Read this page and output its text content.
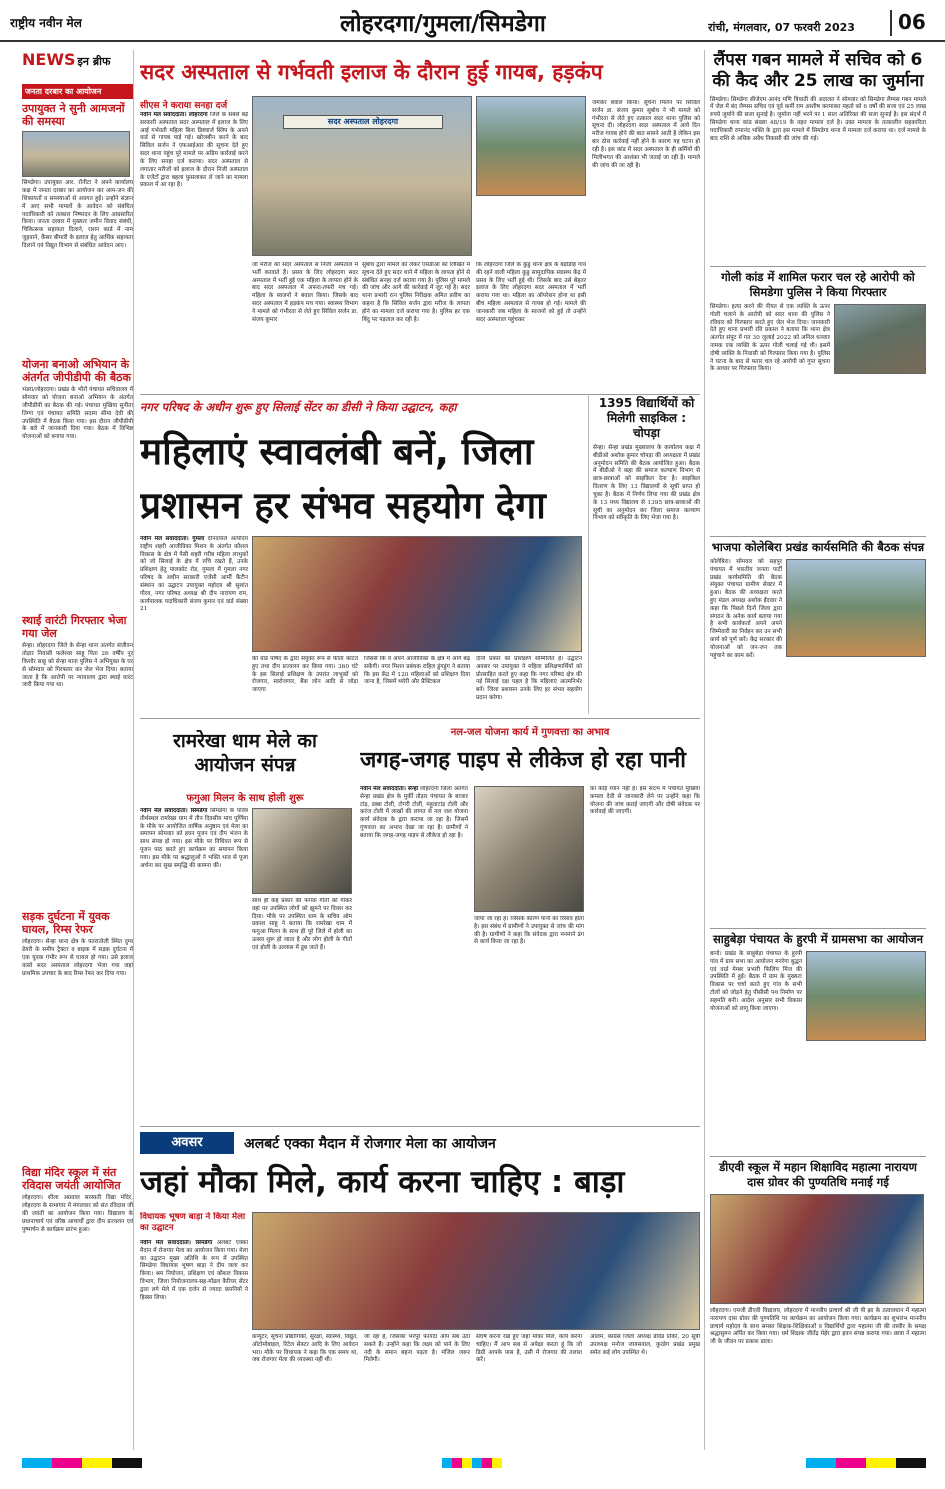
राष्ट्रीय नवीन मेल	लोहरदगा/गुमला/सिमडेगा	रांची, मंगलवार, 07 फरवरी 2023	06
NEWS इन ब्रीफ
जनता दरबार का आयोजन
उपायुक्त ने सुनी आमजनों की समस्या
सिमडेगा। उपायुक्त आर. रॉनीटा ने अपने कार्यालय कक्ष में जनता दरबार का आयोजन कर आम-जन की शिकायतों व समस्याओं से अवगत हुईं। उन्होंने संज्ञान में आए सभी मामलों के आवेदन को संबंधित पदाधिकारी को तत्काल निष्पादन के लिए आग्रसारित किया। जनता दरबार में मुख्यतः जमीन विवाद संबंधी, चिकित्सक सहायता दिलाने, राशन कार्ड में नाम जुड़वाने, कैंसर बीमारी के इलाज हेतु आर्थिक सहायता दिलाने एवं विद्युत विभाग से संबंधित आवेदन आए।
योजना बनाओ अभियान के अंतर्गत जीपीडीपी की बैठक
भंडरा/लोहरदगा। प्रखंड के भौरों पंचायत सचिवालय में सोमवार को योजना बनाओ अभियान के अंतर्गत जीपीडीपी का बैठक की गई। पंचायत मुखिया सुनीता तिग्गा एवं पंचायत समिति सदस्य सीमा देवी की उपस्थिति में बैठक किया गया। इस दौरान जीपीडीपी के बारे में जानकारी दिया गया। बैठक में विभिन्न योजनाओं को बनाया गया।
स्थाई वारंटी गिरफ्तार भेजा गया जेल
सेन्हा। लोहरदगा जिले के सेन्हा थाना अंतर्गत संजीवन तोड़ार निवासी फलेश्वर साहू पिता 26 वर्षीय नूर किशोर साहू को सेन्हा थाना पुलिस ने अभियुक्त के घर से सोमवार को गिरफ्तार कर जेल भेज दिया। बताया जाता है कि आरोपी पर न्यायालय द्वारा स्थाई वारंट जारी किया गया था।
सड़क दुर्घटना में युवक घायल, रिम्स रेफर
लोहरदगा। सेन्हा थाना क्षेत्र के पतरातोली स्थित दुग्ध डेयरी के समीप ट्रैक्टर व बाइक में सड़क दुर्घटना में एक युवक गंभीर रूप से घायल हो गया। उसे इलाज वास्ते सदर अस्पताल लोहरदगा भेजा गया जहां प्राथमिक उपचार के बाद रिम्स रेफर कर दिया गया।
विद्या मंदिर स्कूल में संत रविदास जयंती आयोजित
लोहरदगा। शीला अग्रवाल सरस्वती विद्या मंदिर, लोहरदगा के सभागार में मंगलवार को संत रविदास जी की जयंती का आयोजन किया गया। विद्यालय के प्रधानाचार्य एवं वरिष्ठ आचार्यों द्वारा दीप प्रज्वलन एवं पुष्पार्चन से कार्यक्रम प्रारंभ हुआ।
सदर अस्पताल से गर्भवती इलाज के दौरान हुई गायब, हड़कंप
सीएस ने कराया सनहा दर्ज
नवीन मेल संवाददाता। लोहरदगा जिले के सबसे बड़े सरकारी अस्पताल सदर अस्पताल में इलाज के लिए आई गर्भवती महिला बिना डिस्चार्ज स्लिप के अपने वार्ड से गायब पाई गई। खोजबीन करने के बाद सिविल सर्जन ने एफआईआर की सूचना देते हुए सदर थाना पहुंच पूरे मामले पर अग्रिम कार्रवाई करने के लिए सनहा दर्ज कराया। सदर अस्पताल से लगातार मरीजों को इलाज के दौरान निजी अस्पताल के एजेंटों द्वारा बहला फुसलाकर ले जाने का मामला प्रकाश में आ रहा है।
सदर अस्पताल लोहरदगा
जो मरीज को सदर अस्पताल से निजी अस्पताल में भर्ती करवाते हैं। प्रसव के लिए लोहरदगा सदर अस्पताल में भर्ती हुई एक महिला के लापता होने के बाद सदर अस्पताल में अफरा-तफरी मच गई। महिला के स्वजनों ने बवाल किया। जिसके बाद सदर अस्पताल में हड़कंप मच गया। स्वास्थ्य विभाग ने मामले को गंभीरता से लेते हुए सिविल सर्जन डा. संजय कुमार
सुबोध द्वारा मामले को लेकर एसडीओ को लिखित में सूचना देते हुए सदर थाने में महिला के लापता होने से संबंधित सनहा दर्ज कराया गया है। पुलिस पूरे मामले की जांच और आगे की कार्रवाई में जुट गई है। सदर थाना प्रभारी रत्न पुलिस निरीक्षक अमित प्रवीण का कहना है कि सिविल सर्जन द्वारा मरीज के लापता होने का मामला दर्ज कराया गया है। पुलिस हर एक बिंदु पर पड़ताल कर रही है।
कि लोहरदगा जिले के कुडु थाना क्षेत्र के बड़ीडीह गांव की रहने वाली महिला कुडु सामुदायिक स्वास्थ्य केंद्र में प्रसव के लिए भर्ती हुई थी। जिसके बाद उसे बेहतर इलाज के लिए लोहरदगा सदर अस्पताल में भर्ती कराया गया था। महिला का ऑपरेशन होना था इसी बीच महिला अस्पताल से गायब हो गई। मामले की जानकारी जब महिला के स्वजनों को हुई तो उन्होंने सदर अस्पताल पहुंचकर
जमकर बवाल किया। सूचना मिलने पर सिविल सर्जन डा. संजय कुमार सुबोध ने भी मामले को गंभीरता से लेते हुए तत्काल सदर थाना पुलिस को सूचना दी। लोहरदगा सदर अस्पताल में आये दिन मरीज गायब होने की बात सामने आती है लेकिन इस बार ठोस कार्रवाई नहीं होने के कारण यह घटना हो रही है। इस कांड में सदर अस्पताल के ही कर्मियों की मिलीभगत की आशंका भी जताई जा रही है। मामले की जांच की जा रही है।
नगर परिषद के अधीन शुरू हुए सिलाई सेंटर का डीसी ने किया उद्घाटन, कहा
महिलाएं स्वावलंबी बनें, जिला
प्रशासन हर संभव सहयोग देगा
नवीन मेल संवाददाता। गुमला दीनदयाल अंत्योदय राष्ट्रीय शहरी आजीविका मिशन के अंतर्गत कौशल विकास के क्षेत्र में पैसी शहरी गरीब महिला लाभुकों को जो सिलाई के क्षेत्र में रुचि रखते हैं, उनके प्रशिक्षण हेतु पालकोट रोड, गुमला में गुमला नगर परिषद के अधीन सरकारी एजेंसी आर्मी कैंटीन संस्थान का उद्घाटन उपायुक्त महोदय श्री सुशांत गौरव, नगर परिषद अध्यक्ष श्री दीप नारायण राम, कार्यपालक पदाधिकारी संजय कुमार एवं वार्ड संख्या 21
की वार्ड पार्षद के द्वारा संयुक्त रूप से फीता काटते हुए तथा दीप प्रज्वलन कर किया गया। 360 घंटे के इस सिलाई प्रशिक्षण के उपरांत लाभुकों को रोजगार, स्वरोजगार, बैंक लोन आदि से जोड़ा जाएगा
जिससे कि वे अपने आजीविका के क्षेत्र में आगे बढ़ सकेंगी। नगर मिशन प्रबंधक राहिल डुंगडुंग ने बताया कि इस केंद्र में 120 महिलाओं को प्रशिक्षण दिया जाना है, जिसमें थ्योरी और प्रैक्टिकल
दोनों प्रकार का प्रशिक्षण सम्मिलित है। उद्घाटन अवसर पर उपायुक्त ने महिला प्रशिक्षणार्थियों को प्रोत्साहित करते हुए कहा कि नगर परिषद क्षेत्र की नई सिलाई दक्ष पहल है कि महिलाएं आत्मनिर्भर बनें। जिला प्रशासन उनके लिए हर संभव सहयोग प्रदान करेगा।
1395 विद्यार्थियों को मिलेगी साइकिल : चोपड़ा
सेन्हा। सेन्हा प्रखंड मुख्यालय के कार्यालय कक्ष में बीडीओ अशोक कुमार चोपड़ा की अध्यक्षता में प्रखंड अनुमोदन समिति की बैठक आयोजित हुआ। बैठक में बीडीओ ने कहा की समाज कल्याण विभाग से छात्र-छात्राओं को साइकिल देना है। साइकिल वितरण के लिए 13 विद्यालयों से सूची प्राप्त हो चुका है। बैठक में निर्णय लिया गया की प्रखंड क्षेत्र के 13 मध्य विद्यालय से 1395 छात्र-छात्राओं की सूची का अनुमोदन कर जिला समाज कल्याण विभाग को स्वीकृति के लिए भेजा गया है।
रामरेखा धाम मेले का आयोजन संपन्न
फगुआ मिलन के साथ होली शुरू
नवीन मेल संवाददाता। सिमडेगा सिमडेगा के पवित्र तीर्थस्थल रामरेखा धाम में तीन दिवसीय माघ पूर्णिमा के मौके पर आयोजित वार्षिक अनुष्ठान एवं मेला का समापन सोमवार को हवन पूजन एवं दीप भंजन के साथ संपन्न हो गया। इस मौके पर विधिवत रूप से पूजन पाठ करते हुए कार्यक्रम का समापन किया गया। इस मौके पर श्रद्धालुओं ने भक्ति भाव से पूजा अर्चना कर सुख समृद्धि की कामना की।
साथ ही कई प्रकार की फगवा गीतों को गाकर वहां पर उपस्थित लोगों को झूमने पर विवश कर दिया। मौके पर उपस्थित धाम के सचिव ओम प्रकाश साहू ने बताया कि रामरेखा धाम में फगुआ मिलन के साथ ही पूरे जिले में होली का उत्सव शुरू हो जाता है और लोग होली के गीतों एवं होली के उल्लास में डूब जाते हैं।
नल-जल योजना कार्य में गुणवत्ता का अभाव
जगह-जगह पाइप से लीकेज हो रहा पानी
नवीन मेल संवाददाता। सेन्हा लोहरदगा जिला अंतर्गत सेन्हा प्रखंड क्षेत्र के मुर्की तोड़ार पंचायत के बाजार टांड़, डब्बा टोली, टोगरी टोली, महुवाटांड़ टोली और करंज टोली में लाखों की लागत से नल जल योजना कार्य संवेदक के द्वारा कराया जा रहा है। जिसमें गुणवत्ता का अभाव देखा जा रहा है। ग्रामीणों ने बताया कि जगह-जगह पाइप से लीकेज हो रहा है।
जाया जा रहा है। जिसके कारण पानी का रिसाव होता है। इस संबंध में ग्रामीणों ने उपायुक्त से जांच की मांग की है। ग्रामीणों ने कहा कि संवेदक द्वारा मनमाने ढंग से कार्य किया जा रहा है।
का कोई ध्यान नहीं है। इस संदर्भ में पंचायत मुखिया कमला देवी से जानकारी लेने पर उन्होंने कहा कि योजना की जांच कराई जाएगी और दोषी संवेदक पर कार्रवाई की जाएगी।
लैंपस गबन मामले में सचिव को 6 की कैद और 25 लाख का जुर्माना
सिमडेगा। सिमडेगा सीजेएम आनंद मणि त्रिपाठी की अदालत ने सोमवार को सिमडेगा लैम्पस गबन मामले में जेल में बंद लैम्पस सचिव एवं पूर्व कर्मी राम आशीष करमाकर महतो को 6 वर्षों की सजा एवं 25 लाख रुपये जुर्माने की सजा सुनाई है। जुर्माना नहीं भरने पर 1 साल अतिरिक्त की सजा सुनाई है। इस संदर्भ में सिमडेगा थाना कांड संख्या 48/19 के तहत मामला दर्ज है। उक्त मामला के तत्कालीन सहकारिता पदाधिकारी रामानंद भक्ति के द्वारा इस मामले में सिमडेगा थाना में मामला दर्ज कराया था। दर्ज मामले के बाद राशि से अधिक अवैध निकासी की जांच की गई।
गोली कांड में शामिल फरार चल रहे आरोपी को सिमडेगा पुलिस ने किया गिरफ्तार
सिमडेगा। हत्या करने की नीयत से एक व्यक्ति के ऊपर गोली चलाने के आरोपी को सदर थाना की पुलिस ने रविवार को गिरफ्तार करते हुए जेल भेज दिया। जानकारी देते हुए थाना प्रभारी रवि प्रकाश ने बताया कि थाना क्षेत्र अंतर्गत संपुट में गत 30 जुलाई 2022 को अनिल धनवार नामक एक व्यक्ति के ऊपर गोली चलाई गई थी। इसमें दोषी व्यक्ति के निवासी को गिरफ्तार किया गया है। पुलिस ने घटना के बाद से फरार चल रहे आरोपी को गुप्त सूचना के आधार पर गिरफ्तार किया।
भाजपा कोलेबिरा प्रखंड कार्यसमिति की बैठक संपन्न
कोलेबिरा। सोमवार को सहपुर पंचायत में भारतीय जनता पार्टी प्रखंड कार्यसमिति की बैठक संयुक्त पंचायत ग्रामीण सेक्टर में हुआ। बैठक की अध्यक्षता करते हुए मंडल अध्यक्ष अशोक ईंदवार ने कहा कि पिछले दिनों जिला द्वारा संगठन के अनेक कार्य बताया गया है सभी कार्यकर्ता अपने अपने जिम्मेवारी का निर्वहन कर उन सभी कार्य को पूर्ण करें। केंद्र सरकार की योजनाओं को जन-जन तक पहुंचाने का काम करें।
साहुबेड़ा पंचायत के हुरपी में ग्रामसभा का आयोजन
बानो। प्रखंड के साहुबेड़ा पंचायत के हुरपी गांव में ग्राम सभा का आयोजन मनरेगा बुद्धन एवं वार्ड मेम्बर प्रभारी फिलिप मिंज की उपस्थिति में हुई। बैठक में ग्राम के मुख्यतः विकास पर चर्चा करते हुए गांव के सभी टोलों को जोड़ने हेतु पीसीसी पथ निर्माण पर सहमति बनी। आदेश अनुसार सभी विकास योजनाओं को लागू किया जाएगा।
डीएवी स्कूल में महान शिक्षाविद महात्मा नारायण दास ग्रोवर की पुण्यतिथि मनाई गई
लोहरदगा। एमजी डीएवी विद्यालय, लोहरदगा में मानवीय प्राचार्य श्री जी पी झा के तत्वावधान में महात्मा नारायण दास ग्रोवर की पुण्यतिथि पर कार्यक्रम का आयोजन किया गया। कार्यक्रम का शुभारंभ माननीय प्राचार्य महोदय के साथ समस्त शिक्षक-शिक्षिकाओं व विद्यार्थियों द्वारा महात्मा जी की तस्वीर के समक्ष श्रद्धासुमन अर्पित कर किया गया। धर्म शिक्षक जीतेंद्र मेहेर द्वारा हवन संपन्न कराया गया। छात्रा ने महात्मा जी के जीवन पर प्रकाश डाला।
अवसर	अलबर्ट एक्का मैदान में रोजगार मेला का आयोजन
जहां मौका मिले, कार्य करना चाहिए : बाड़ा
विधायक भूषण बाड़ा ने किया मेला का उद्घाटन
नवीन मेल संवाददाता। सिमडेगा अलबर्ट एक्का मैदान में रोजगार मेला का आयोजन किया गया। मेला का उद्घाटन मुख्य अतिथि के रूप में उपस्थित सिमडेगा विधायक भूषण बाड़ा ने दीप जला कर किया। श्रम नियोजन, प्रशिक्षण एवं कौशल विकास विभाग, जिला नियोजनालय-सह-मॉडल कैरियर सेंटर द्वारा लगे मेले में एक दर्जन से ज्यादा कंपनियों ने हिस्सा लिया।
कंप्यूटर, सूचना प्रौद्योगिकी, सुरक्षा, स्वास्थ्य, विद्युत, ऑटोमोबाइल, रिटेल सेक्टर आदि के लिए आवेदन भरा। मौके पर विधायक ने कहा कि एक समय था, जब रोजगार मेला की व्यवस्था नहीं थी।
जा रहा है, जिसका भरपूर फायदा आप सब उठा सकते हैं। उन्होंने कहा कि लक्ष्य को पाने के लिए नदी के समान बहना पड़ता है। मंजिल जरूर मिलेगी।
संघर्ष करना रखें हुए जहां मौका मिले, कार्य करना चाहिए। मैं आप सब से अपेक्षा करता हूं कि जो डिग्री आपके पास है, उसी में रोजगार की तलाश करें।
आलम, कांग्रेस जिला अध्यक्ष डेविड तिर्की, 20 सूत्री उपाध्यक्ष मनोज जायसवाल, कुरडेग प्रखंड प्रमुख समेत कई लोग उपस्थित थे।
